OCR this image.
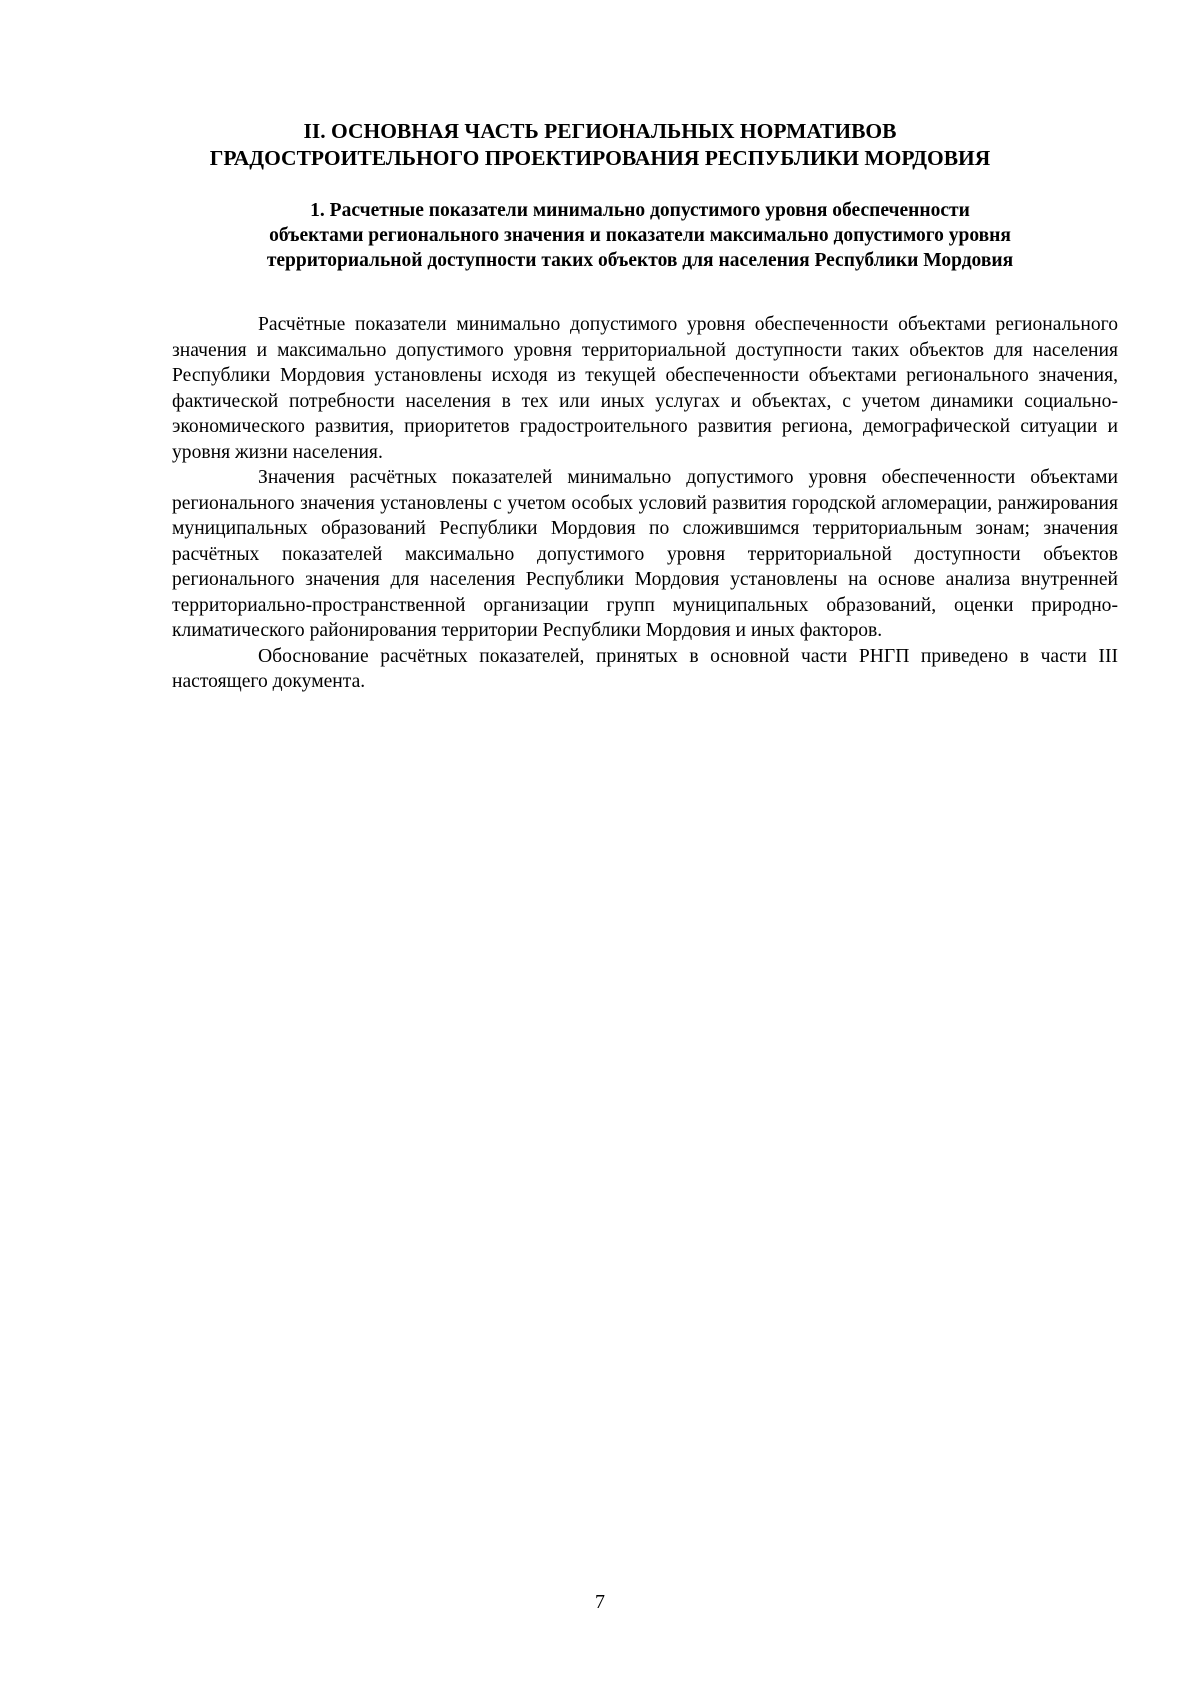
II. ОСНОВНАЯ ЧАСТЬ РЕГИОНАЛЬНЫХ НОРМАТИВОВ
ГРАДОСТРОИТЕЛЬНОГО ПРОЕКТИРОВАНИЯ РЕСПУБЛИКИ МОРДОВИЯ
1. Расчетные показатели минимально допустимого уровня обеспеченности
объектами регионального значения и показатели максимально допустимого уровня
территориальной доступности таких объектов для населения Республики Мордовия

Расчётные показатели минимально допустимого уровня обеспеченности объектами регионального значения и максимально допустимого уровня территориальной доступности таких объектов для населения Республики Мордовия установлены исходя из текущей обеспеченности объектами регионального значения, фактической потребности населения в тех или иных услугах и объектах, с учетом динамики социально-экономического развития, приоритетов градостроительного развития региона, демографической ситуации и уровня жизни населения.

Значения расчётных показателей минимально допустимого уровня обеспеченности объектами регионального значения установлены с учетом особых условий развития городской агломерации, ранжирования муниципальных образований Республики Мордовия по сложившимся территориальным зонам; значения расчётных показателей максимально допустимого уровня территориальной доступности объектов регионального значения для населения Республики Мордовия установлены на основе анализа внутренней территориально-пространственной организации групп муниципальных образований, оценки природно-климатического районирования территории Республики Мордовия и иных факторов.

Обоснование расчётных показателей, принятых в основной части РНГП приведено в части III настоящего документа.

7
